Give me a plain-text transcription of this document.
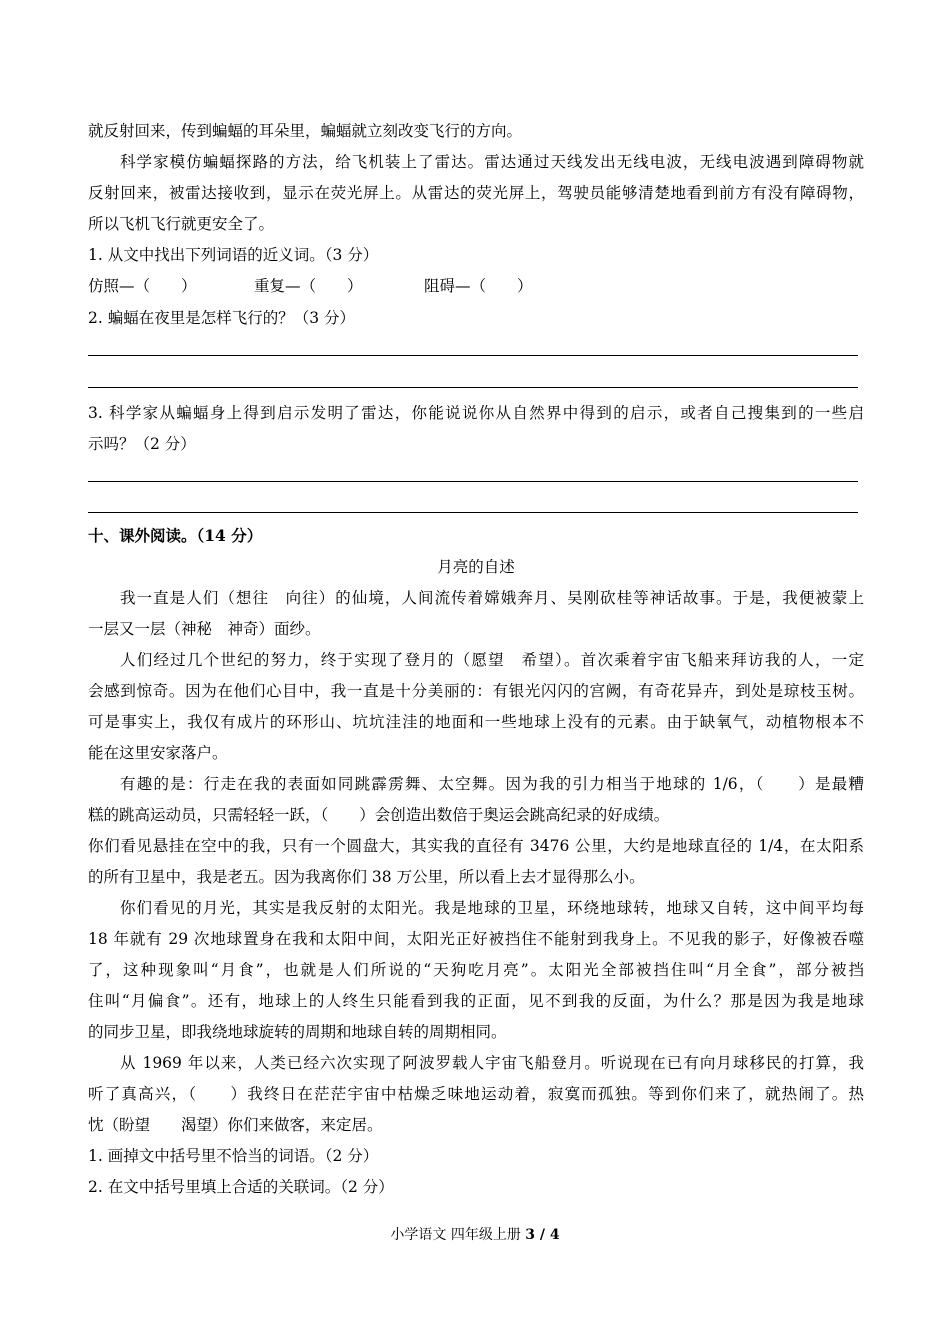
就反射回来，传到蝙蝠的耳朵里，蝙蝠就立刻改变飞行的方向。
科学家模仿蝙蝠探路的方法，给飞机装上了雷达。雷达通过天线发出无线电波，无线电波遇到障碍物就
反射回来，被雷达接收到，显示在荧光屏上。从雷达的荧光屏上，驾驶员能够清楚地看到前方有没有障碍物，
所以飞机飞行就更安全了。
1. 从文中找出下列词语的近义词。（3 分）
仿照—（　　）	重复—（　　）	阻碍—（　　）
2. 蝙蝠在夜里是怎样飞行的？（3 分）
3. 科学家从蝙蝠身上得到启示发明了雷达，你能说说你从自然界中得到的启示，或者自己搜集到的一些启
示吗？（2 分）
十、课外阅读。（14 分）
月亮的自述
我一直是人们（想往　向往）的仙境，人间流传着嫦娥奔月、吴刚砍桂等神话故事。于是，我便被蒙上
一层又一层（神秘　神奇）面纱。
人们经过几个世纪的努力，终于实现了登月的（愿望　希望）。首次乘着宇宙飞船来拜访我的人，一定
会感到惊奇。因为在他们心目中，我一直是十分美丽的：有银光闪闪的宫阙，有奇花异卉，到处是琼枝玉树。
可是事实上，我仅有成片的环形山、坑坑洼洼的地面和一些地球上没有的元素。由于缺氧气，动植物根本不
能在这里安家落户。
有趣的是：行走在我的表面如同跳霹雳舞、太空舞。因为我的引力相当于地球的 1/6，（　　）是最糟
糕的跳高运动员，只需轻轻一跃，（　　）会创造出数倍于奥运会跳高纪录的好成绩。
你们看见悬挂在空中的我，只有一个圆盘大，其实我的直径有 3476 公里，大约是地球直径的 1/4，在太阳系
的所有卫星中，我是老五。因为我离你们 38 万公里，所以看上去才显得那么小。
你们看见的月光，其实是我反射的太阳光。我是地球的卫星，环绕地球转，地球又自转，这中间平均每
18 年就有 29 次地球置身在我和太阳中间，太阳光正好被挡住不能射到我身上。不见我的影子，好像被吞噬
了，这种现象叫“月食”，也就是人们所说的“天狗吃月亮”。太阳光全部被挡住叫“月全食”，部分被挡
住叫“月偏食”。还有，地球上的人终生只能看到我的正面，见不到我的反面，为什么？那是因为我是地球
的同步卫星，即我绕地球旋转的周期和地球自转的周期相同。
从 1969 年以来，人类已经六次实现了阿波罗载人宇宙飞船登月。听说现在已有向月球移民的打算，我
听了真高兴，（　　）我终日在茫茫宇宙中枯燥乏味地运动着，寂寞而孤独。等到你们来了，就热闹了。热
忱（盼望　　渴望）你们来做客，来定居。
1. 画掉文中括号里不恰当的词语。（2 分）
2. 在文中括号里填上合适的关联词。（2 分）
小学语文 四年级上册 3 / 4
